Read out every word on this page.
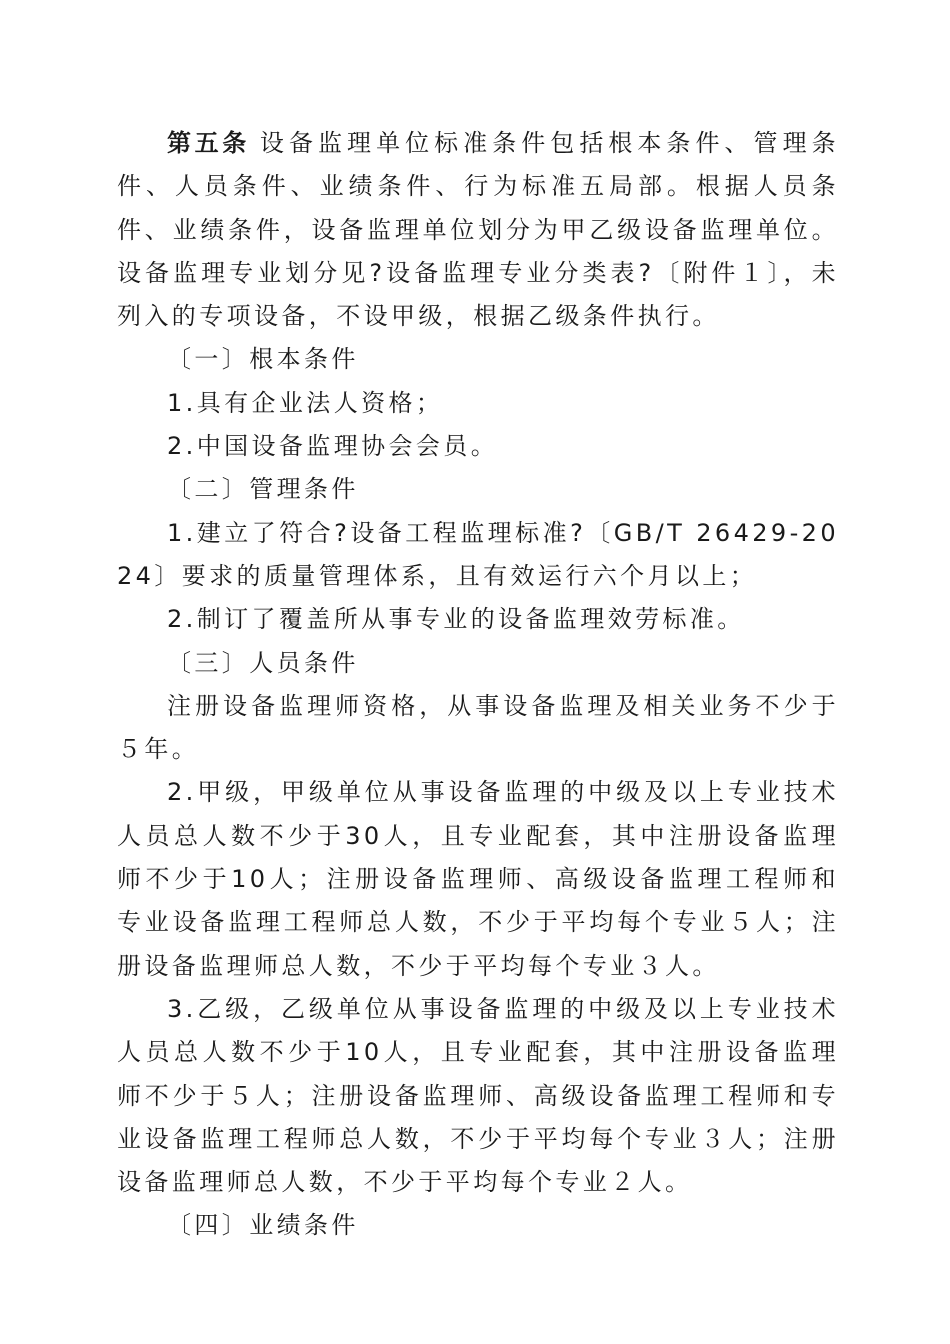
第五条 设备监理单位标准条件包括根本条件、管理条件、人员条件、业绩条件、行为标准五局部。根据人员条件、业绩条件，设备监理单位划分为甲乙级设备监理单位。设备监理专业划分见?设备监理专业分类表?〔附件１〕，未列入的专项设备，不设甲级，根据乙级条件执行。

〔一〕根本条件

1.具有企业法人资格；

2.中国设备监理协会会员。

〔二〕管理条件

1.建立了符合?设备工程监理标准?〔GB/T 26429-2024〕要求的质量管理体系，且有效运行六个月以上；

2.制订了覆盖所从事专业的设备监理效劳标准。

〔三〕人员条件

注册设备监理师资格，从事设备监理及相关业务不少于５年。

2.甲级，甲级单位从事设备监理的中级及以上专业技术人员总人数不少于30人，且专业配套，其中注册设备监理师不少于10人；注册设备监理师、高级设备监理工程师和专业设备监理工程师总人数，不少于平均每个专业５人；注册设备监理师总人数，不少于平均每个专业３人。

3.乙级，乙级单位从事设备监理的中级及以上专业技术人员总人数不少于10人，且专业配套，其中注册设备监理师不少于５人；注册设备监理师、高级设备监理工程师和专业设备监理工程师总人数，不少于平均每个专业３人；注册设备监理师总人数，不少于平均每个专业２人。

〔四〕业绩条件
